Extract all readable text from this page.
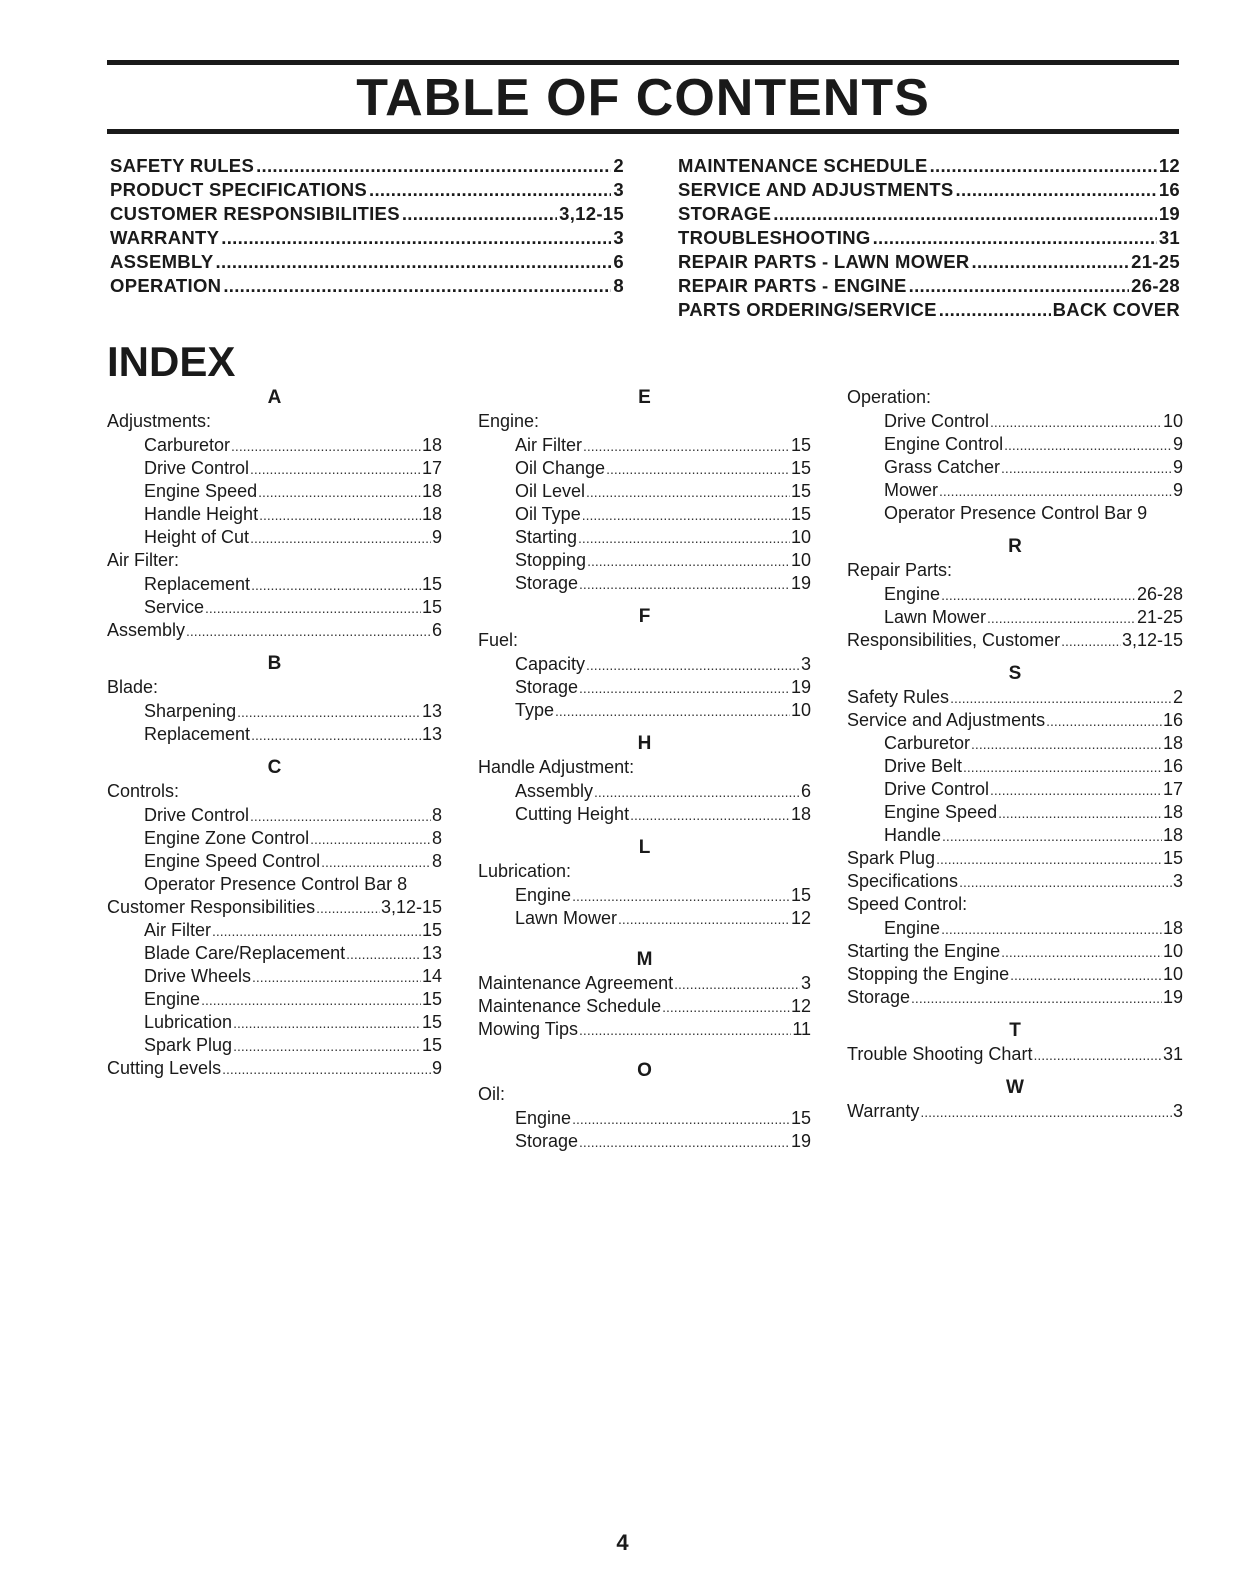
TABLE OF CONTENTS
SAFETY RULES .....	2
PRODUCT SPECIFICATIONS .....	3
CUSTOMER RESPONSIBILITIES .....	3,12-15
WARRANTY .....	3
ASSEMBLY .....	6
OPERATION .....	8
MAINTENANCE SCHEDULE .....	12
SERVICE AND ADJUSTMENTS .....	16
STORAGE .....	19
TROUBLESHOOTING .....	31
REPAIR PARTS - LAWN MOWER .....	21-25
REPAIR PARTS - ENGINE .....	26-28
PARTS ORDERING/SERVICE .....	BACK COVER
INDEX
A
Adjustments:
Carburetor .....	18
Drive Control .....	17
Engine Speed .....	18
Handle Height .....	18
Height of Cut .....	9
Air Filter:
Replacement .....	15
Service .....	15
Assembly .....	6
B
Blade:
Sharpening .....	13
Replacement .....	13
C
Controls:
Drive Control .....	8
Engine Zone Control .....	8
Engine Speed Control .....	8
Operator Presence Control Bar 8
Customer Responsibilities .....	3,12-15
Air Filter .....	15
Blade Care/Replacement .....	13
Drive Wheels .....	14
Engine .....	15
Lubrication .....	15
Spark Plug .....	15
Cutting Levels .....	9
E
Engine:
Air Filter .....	15
Oil Change .....	15
Oil Level .....	15
Oil Type .....	15
Starting .....	10
Stopping .....	10
Storage .....	19
F
Fuel:
Capacity .....	3
Storage .....	19
Type .....	10
H
Handle Adjustment:
Assembly .....	6
Cutting Height .....	18
L
Lubrication:
Engine .....	15
Lawn Mower .....	12
M
Maintenance Agreement .....	3
Maintenance Schedule .....	12
Mowing Tips .....	11
O
Oil:
Engine .....	15
Storage .....	19
Operation:
Drive Control .....	10
Engine Control .....	9
Grass Catcher .....	9
Mower .....	9
Operator Presence Control Bar 9
R
Repair Parts:
Engine .....	26-28
Lawn Mower .....	21-25
Responsibilities, Customer .....	3,12-15
S
Safety Rules .....	2
Service and Adjustments .....	16
Carburetor .....	18
Drive Belt .....	16
Drive Control .....	17
Engine Speed .....	18
Handle .....	18
Spark Plug .....	15
Specifications .....	3
Speed Control:
Engine .....	18
Starting the Engine .....	10
Stopping the Engine .....	10
Storage .....	19
T
Trouble Shooting Chart .....	31
W
Warranty .....	3
4
